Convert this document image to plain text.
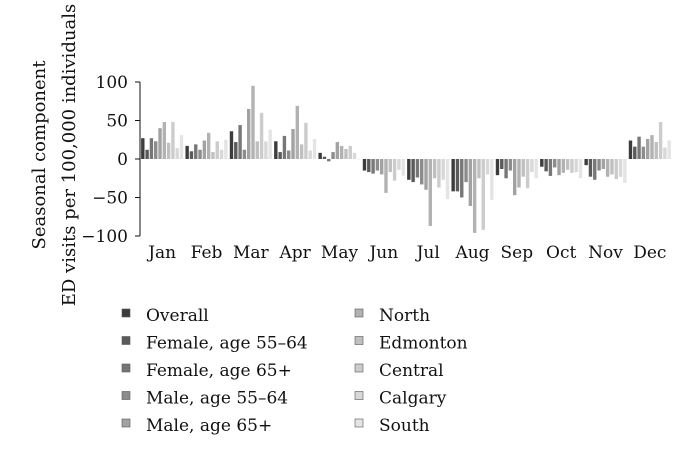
Seasonal component ED visits per 100,000 individuals 100
50
0
−50
−100
Jan Feb Mar Apr May Jun Jul Aug Sep Oct Nov Dec
Overall
Female, age 55–64
Female, age 65+
Male, age 55–64
Male, age 65+
North
Edmonton
Central
Calgary
South
